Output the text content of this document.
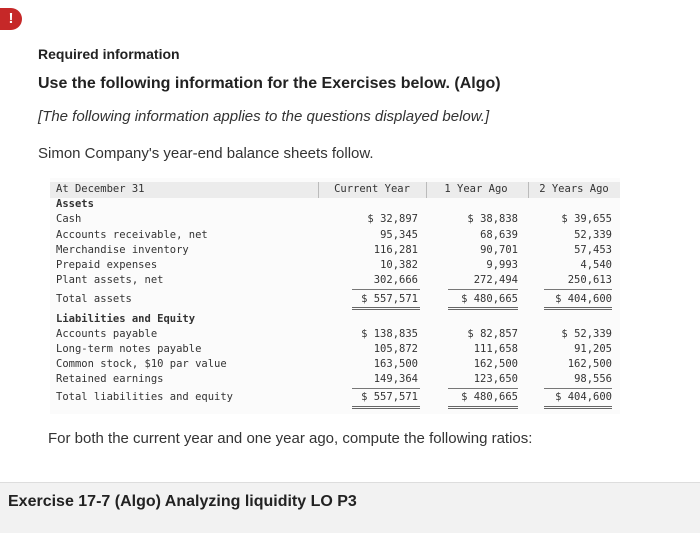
!
Required information
Use the following information for the Exercises below. (Algo)
[The following information applies to the questions displayed below.]
Simon Company's year-end balance sheets follow.
At December 31	Current Year	1 Year Ago	2 Years Ago
Assets
Cash	$ 32,897	$ 38,838	$ 39,655
Accounts receivable, net	95,345	68,639	52,339
Merchandise inventory	116,281	90,701	57,453
Prepaid expenses	10,382	9,993	4,540
Plant assets, net	302,666	272,494	250,613
Total assets	$ 557,571	$ 480,665	$ 404,600
Liabilities and Equity
Accounts payable	$ 138,835	$ 82,857	$ 52,339
Long-term notes payable	105,872	111,658	91,205
Common stock, $10 par value	163,500	162,500	162,500
Retained earnings	149,364	123,650	98,556
Total liabilities and equity	$ 557,571	$ 480,665	$ 404,600
For both the current year and one year ago, compute the following ratios:
Exercise 17-7 (Algo) Analyzing liquidity LO P3
